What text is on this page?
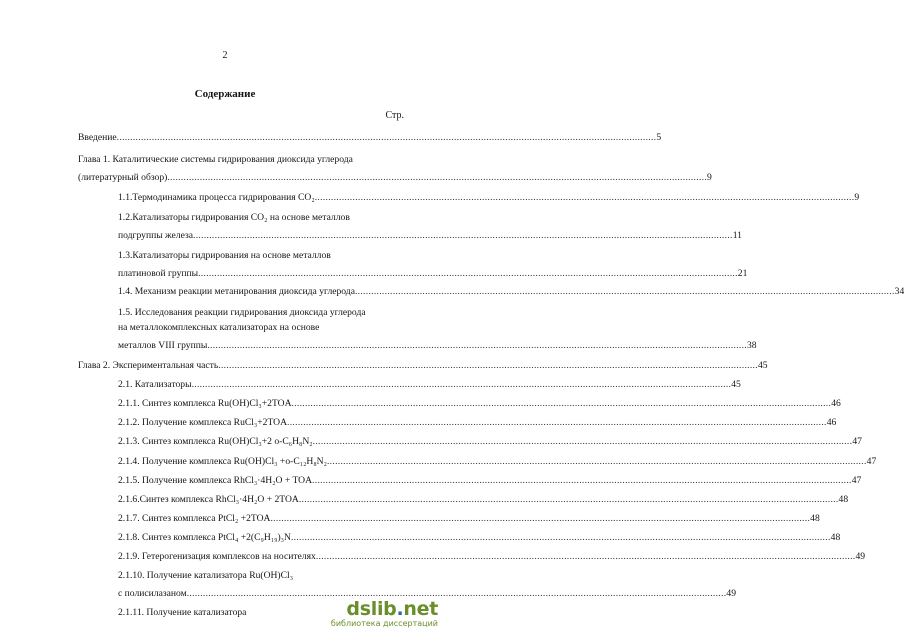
2
Содержание
Стр.
Введение ........................................................................................................................................................................................................ 5
Глава 1. Каталитические системы гидрирования диоксида углерода
(литературный обзор) ........................................................................................................................................................................................................ 9
1.1.Термодинамика процесса гидрирования CO₂ ........................................................................................................................................................................................................ 9
1.2.Катализаторы гидрирования CO₂ на основе металлов
подгруппы железа ........................................................................................................................................................................................................ 11
1.3.Катализаторы гидрирования на основе металлов
платиновой группы ........................................................................................................................................................................................................ 21
1.4. Механизм реакции метанирования диоксида углерода ........................................................................................................................................................................................................ 34
1.5. Исследования реакции гидрирования диоксида углерода
на металлокомплексных катализаторах на основе
металлов VIII группы ........................................................................................................................................................................................................ 38
Глава 2. Экспериментальная часть ........................................................................................................................................................................................................ 45
2.1. Катализаторы ........................................................................................................................................................................................................ 45
2.1.1. Синтез комплекса Ru(OH)Cl₃+2TOA ........................................................................................................................................................................................................ 46
2.1.2. Получение комплекса RuCl₃+2TOA ........................................................................................................................................................................................................ 46
2.1.3. Синтез комплекса Ru(OH)Cl₃+2 o-C₆H₈N₂ ........................................................................................................................................................................................................ 47
2.1.4. Получение комплекса Ru(OH)Cl₃ +o-C₁₂H₈N₂ ........................................................................................................................................................................................................ 47
2.1.5. Получение комплекса RhCl₃·4H₂O + TOA ........................................................................................................................................................................................................ 47
2.1.6.Синтез комплекса RhCl₃·4H₂O + 2TOA ........................................................................................................................................................................................................ 48
2.1.7. Синтез комплекса PtCl₂ +2TOA ........................................................................................................................................................................................................ 48
2.1.8. Синтез комплекса PtCl₄ +2(C₉H₁₉)₃N ........................................................................................................................................................................................................ 48
2.1.9. Гетерогенизация комплексов на носителях ........................................................................................................................................................................................................ 49
2.1.10. Получение катализатора Ru(OH)Cl₃
с полисилазаном ........................................................................................................................................................................................................ 49
2.1.11. Получение катализатора	dslib.net
библиотека диссертаций
